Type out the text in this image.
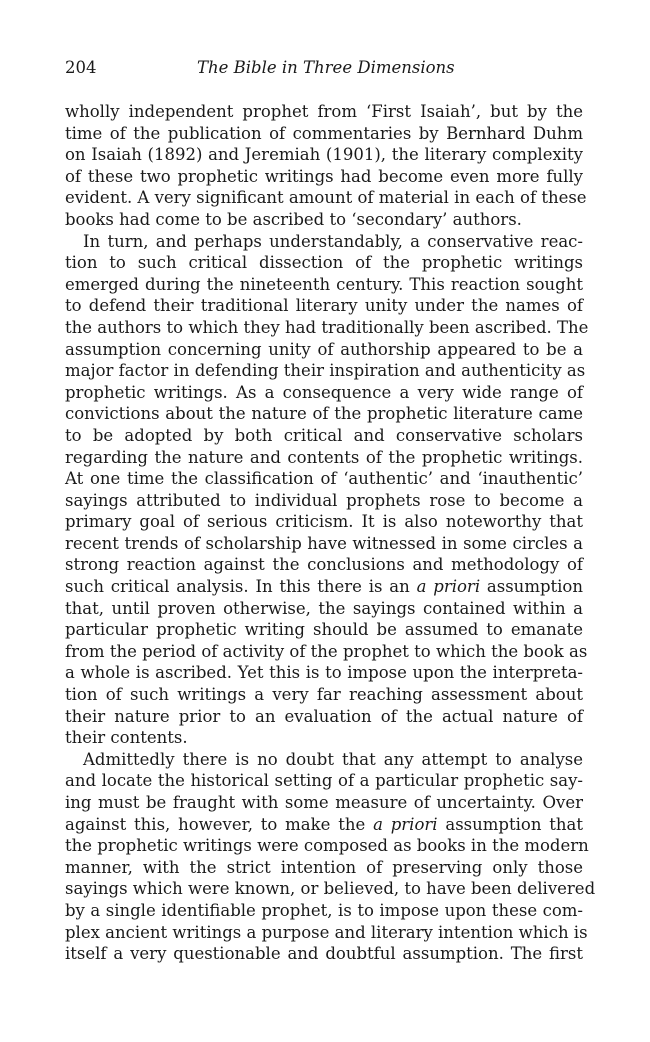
204	The Bible in Three Dimensions
wholly independent prophet from ‘First Isaiah’, but by the
time of the publication of commentaries by Bernhard Duhm
on Isaiah (1892) and Jeremiah (1901), the literary complexity
of these two prophetic writings had become even more fully
evident. A very significant amount of material in each of these
books had come to be ascribed to ‘secondary’ authors.
In turn, and perhaps understandably, a conservative reac-
tion to such critical dissection of the prophetic writings
emerged during the nineteenth century. This reaction sought
to defend their traditional literary unity under the names of
the authors to which they had traditionally been ascribed. The
assumption concerning unity of authorship appeared to be a
major factor in defending their inspiration and authenticity as
prophetic writings. As a consequence a very wide range of
convictions about the nature of the prophetic literature came
to be adopted by both critical and conservative scholars
regarding the nature and contents of the prophetic writings.
At one time the classification of ‘authentic’ and ‘inauthentic’
sayings attributed to individual prophets rose to become a
primary goal of serious criticism. It is also noteworthy that
recent trends of scholarship have witnessed in some circles a
strong reaction against the conclusions and methodology of
such critical analysis. In this there is an a priori assumption
that, until proven otherwise, the sayings contained within a
particular prophetic writing should be assumed to emanate
from the period of activity of the prophet to which the book as
a whole is ascribed. Yet this is to impose upon the interpreta-
tion of such writings a very far reaching assessment about
their nature prior to an evaluation of the actual nature of
their contents.
Admittedly there is no doubt that any attempt to analyse
and locate the historical setting of a particular prophetic say-
ing must be fraught with some measure of uncertainty. Over
against this, however, to make the a priori assumption that
the prophetic writings were composed as books in the modern
manner, with the strict intention of preserving only those
sayings which were known, or believed, to have been delivered
by a single identifiable prophet, is to impose upon these com-
plex ancient writings a purpose and literary intention which is
itself a very questionable and doubtful assumption. The first
